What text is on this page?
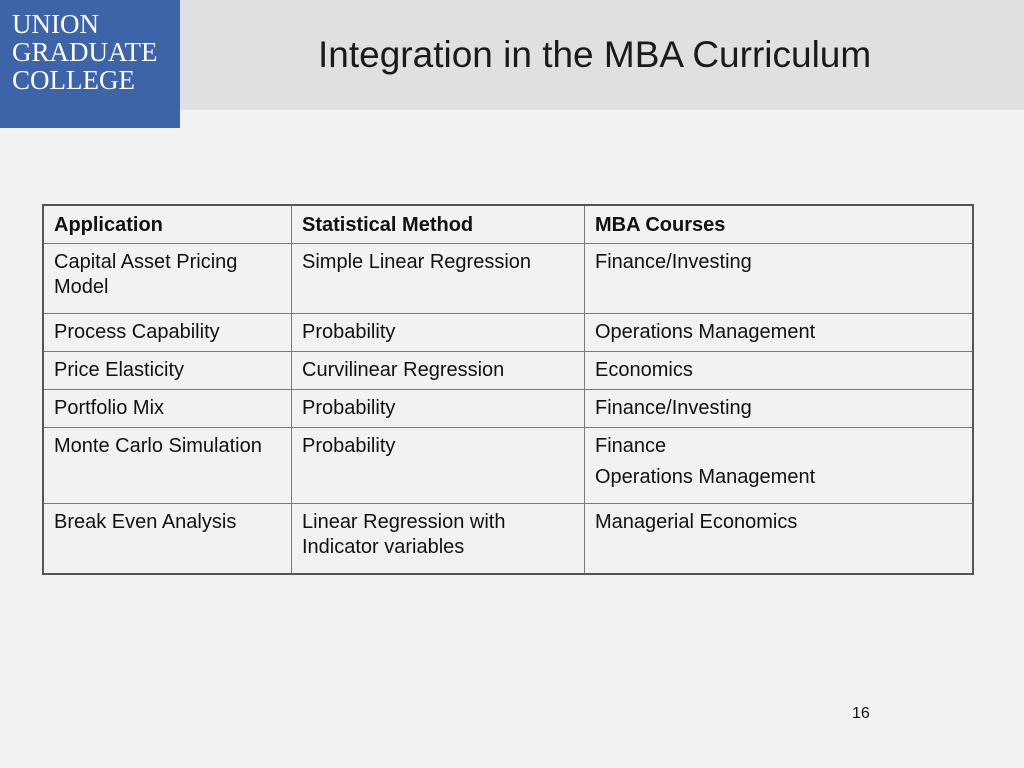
UNION
GRADUATE
COLLEGE
Integration in the MBA Curriculum
Application	Statistical Method	MBA Courses
Capital Asset Pricing Model	Simple Linear Regression	Finance/Investing

Process Capability	Probability	Operations Management

Price Elasticity	Curvilinear Regression	Economics

Portfolio Mix	Probability	Finance/Investing

Monte Carlo Simulation	Probability	Finance
Operations Management

Break Even Analysis	Linear Regression with Indicator variables	Managerial Economics
16
